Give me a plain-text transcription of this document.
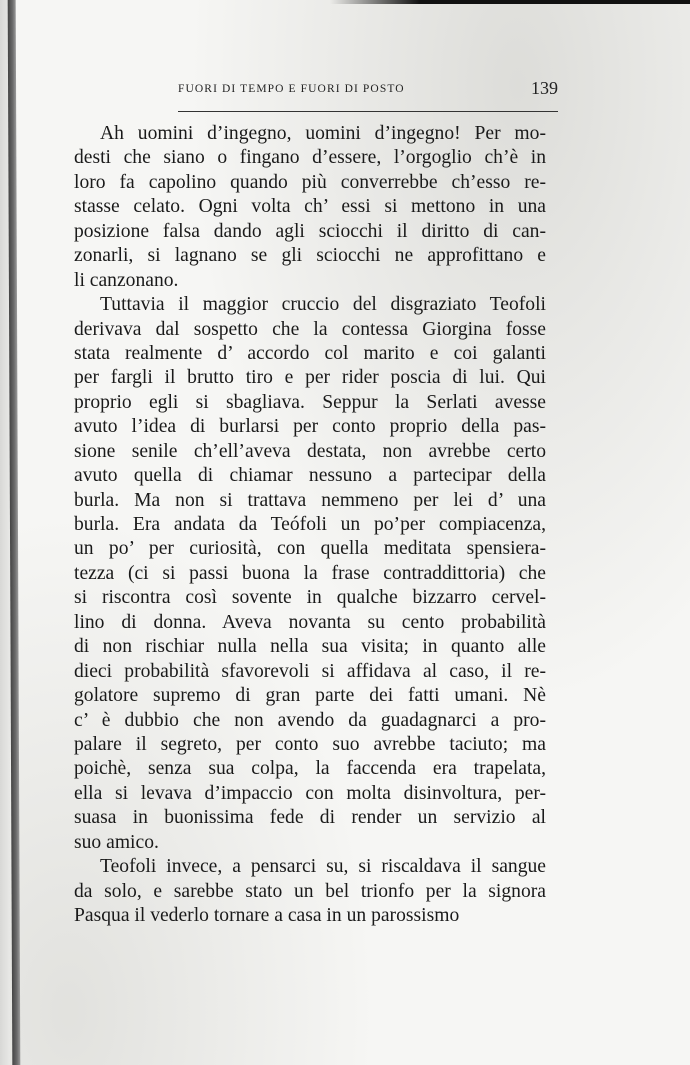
FUORI DI TEMPO E FUORI DI POSTO	139
Ah uomini d’ingegno, uomini d’ingegno! Per mo-
desti che siano o fingano d’essere, l’orgoglio ch’è in
loro fa capolino quando più converrebbe ch’esso re-
stasse celato. Ogni volta ch’ essi si mettono in una
posizione falsa dando agli sciocchi il diritto di can-
zonarli, si lagnano se gli sciocchi ne approfittano e
li canzonano.
Tuttavia il maggior cruccio del disgraziato Teofoli
derivava dal sospetto che la contessa Giorgina fosse
stata realmente d’ accordo col marito e coi galanti
per fargli il brutto tiro e per rider poscia di lui. Qui
proprio egli si sbagliava. Seppur la Serlati avesse
avuto l’idea di burlarsi per conto proprio della pas-
sione senile ch’ell’aveva destata, non avrebbe certo
avuto quella di chiamar nessuno a partecipar della
burla. Ma non si trattava nemmeno per lei d’ una
burla. Era andata da Teófoli un po’per compiacenza,
un po’ per curiosità, con quella meditata spensiera-
tezza (ci si passi buona la frase contraddittoria) che
si riscontra così sovente in qualche bizzarro cervel-
lino di donna. Aveva novanta su cento probabilità
di non rischiar nulla nella sua visita; in quanto alle
dieci probabilità sfavorevoli si affidava al caso, il re-
golatore supremo di gran parte dei fatti umani. Nè
c’ è dubbio che non avendo da guadagnarci a pro-
palare il segreto, per conto suo avrebbe taciuto; ma
poichè, senza sua colpa, la faccenda era trapelata,
ella si levava d’impaccio con molta disinvoltura, per-
suasa in buonissima fede di render un servizio al
suo amico.
Teofoli invece, a pensarci su, si riscaldava il sangue
da solo, e sarebbe stato un bel trionfo per la signora
Pasqua il vederlo tornare a casa in un parossismo
